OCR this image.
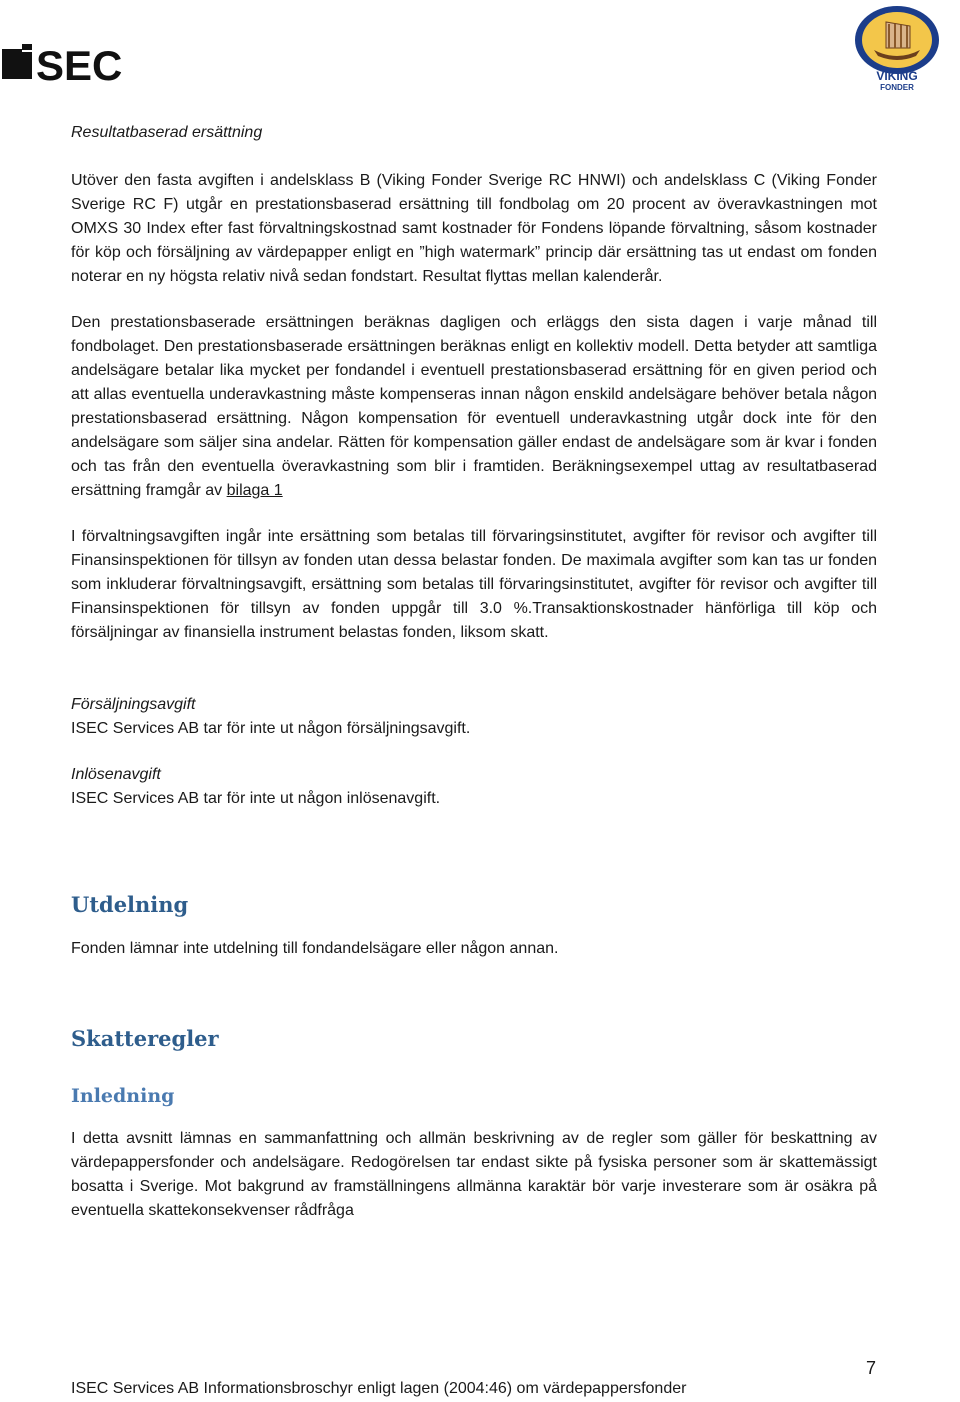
SEC	VIKING
FONDER

Resultatbaserad ersättning

Utöver den fasta avgiften i andelsklass B (Viking Fonder Sverige RC HNWI) och andelsklass C (Viking Fonder Sverige RC F) utgår en prestationsbaserad ersättning till fondbolag om 20 procent av överavkastningen mot OMXS 30 Index efter fast förvaltningskostnad samt kostnader för Fondens löpande förvaltning, såsom kostnader för köp och försäljning av värdepapper enligt en ”high watermark” princip där ersättning tas ut endast om fonden noterar en ny högsta relativ nivå sedan fondstart. Resultat flyttas mellan kalenderår.

Den prestationsbaserade ersättningen beräknas dagligen och erläggs den sista dagen i varje månad till fondbolaget. Den prestationsbaserade ersättningen beräknas enligt en kollektiv modell. Detta betyder att samtliga andelsägare betalar lika mycket per fondandel i eventuell prestationsbaserad ersättning för en given period och att allas eventuella underavkastning måste kompenseras innan någon enskild andelsägare behöver betala någon prestationsbaserad ersättning. Någon kompensation för eventuell underavkastning utgår dock inte för den andelsägare som säljer sina andelar. Rätten för kompensation gäller endast de andelsägare som är kvar i fonden och tas från den eventuella överavkastning som blir i framtiden. Beräkningsexempel uttag av resultatbaserad ersättning framgår av bilaga 1

I förvaltningsavgiften ingår inte ersättning som betalas till förvaringsinstitutet, avgifter för revisor och avgifter till Finansinspektionen för tillsyn av fonden utan dessa belastar fonden. De maximala avgifter som kan tas ur fonden som inkluderar förvaltningsavgift, ersättning som betalas till förvaringsinstitutet, avgifter för revisor och avgifter till Finansinspektionen för tillsyn av fonden uppgår till 3.0 %.Transaktionskostnader hänförliga till köp och försäljningar av finansiella instrument belastas fonden, liksom skatt.

Försäljningsavgift

ISEC Services AB tar för inte ut någon försäljningsavgift.

Inlösenavgift

ISEC Services AB tar för inte ut någon inlösenavgift.

Utdelning

Fonden lämnar inte utdelning till fondandelsägare eller någon annan.

Skatteregler

Inledning

I detta avsnitt lämnas en sammanfattning och allmän beskrivning av de regler som gäller för beskattning av värdepappersfonder och andelsägare. Redogörelsen tar endast sikte på fysiska personer som är skattemässigt bosatta i Sverige. Mot bakgrund av framställningens allmänna karaktär bör varje investerare som är osäkra på eventuella skattekonsekvenser rådfråga

7
ISEC Services AB Informationsbroschyr enligt lagen (2004:46) om värdepappersfonder
